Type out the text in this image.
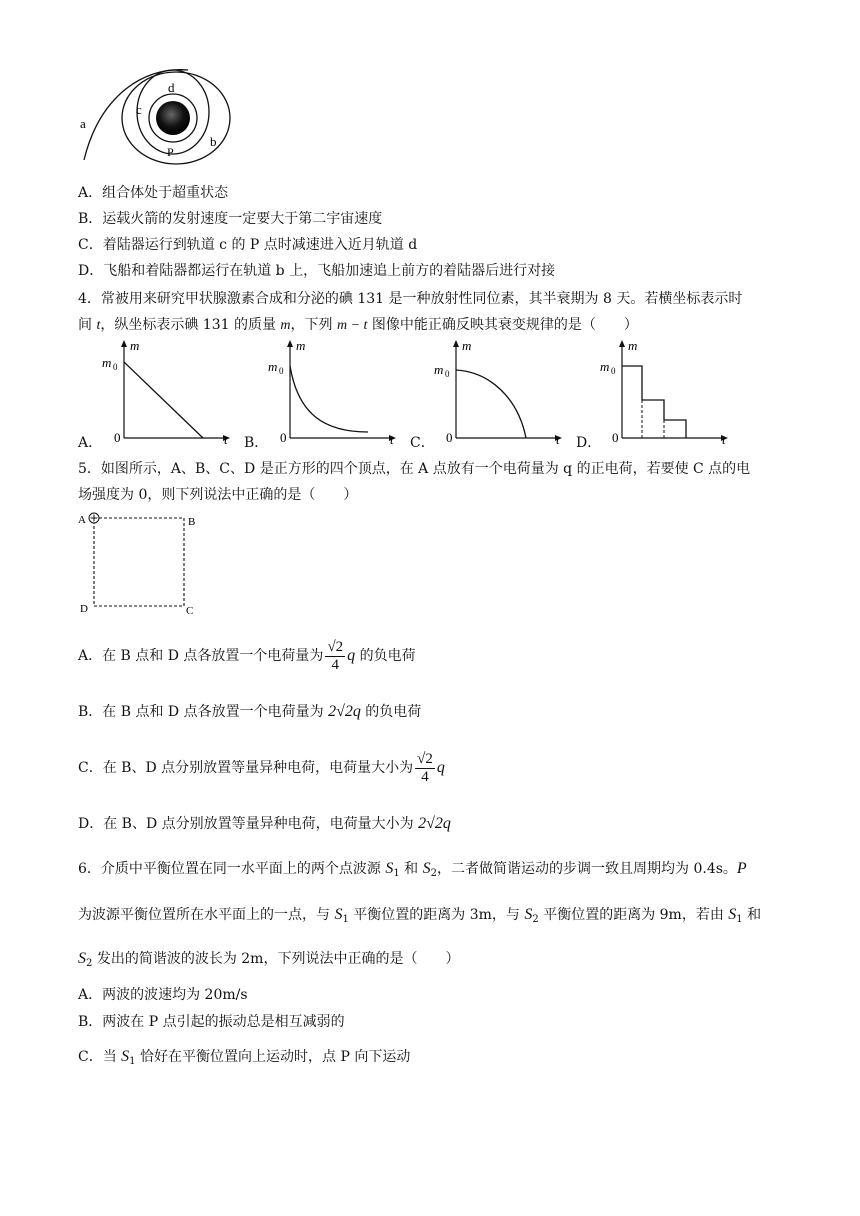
a
c
d
P
b
A．组合体处于超重状态
B．运载火箭的发射速度一定要大于第二宇宙速度
C．着陆器运行到轨道 c 的 P 点时减速进入近月轨道 d
D．飞船和着陆器都运行在轨道 b 上，飞船加速追上前方的着陆器后进行对接
4．常被用来研究甲状腺激素合成和分泌的碘 131 是一种放射性同位素，其半衰期为 8 天。若横坐标表示时
间 t，纵坐标表示碘 131 的质量 m，下列 m − t 图像中能正确反映其衰变规律的是（　　）
A．
m
m 0
0	t B．
m
m 0
0	t C．
m
m 0
0	t D．
m
m 0
0	t
5．如图所示，A、B、C、D 是正方形的四个顶点，在 A 点放有一个电荷量为 q 的正电荷，若要使 C 点的电
场强度为 0，则下列说法中正确的是（　　）
A	B
C
D
A．在 B 点和 D 点各放置一个电荷量为 $\frac{√2}{4}$ q 的负电荷
B．在 B 点和 D 点各放置一个电荷量为 2√2q 的负电荷
C．在 B、D 点分别放置等量异种电荷，电荷量大小为 $\frac{√2}{4}$ q
D．在 B、D 点分别放置等量异种电荷，电荷量大小为 2√2q
6．介质中平衡位置在同一水平面上的两个点波源 $S_1$ 和 $S_2$，二者做简谐运动的步调一致且周期均为 0.4s。P
为波源平衡位置所在水平面上的一点，与 $S_1$ 平衡位置的距离为 3m，与 $S_2$ 平衡位置的距离为 9m，若由 $S_1$ 和
$S_2$ 发出的简谐波的波长为 2m，下列说法中正确的是（　　）
A．两波的波速均为 20m/s
B．两波在 P 点引起的振动总是相互减弱的
C．当 $S_1$ 恰好在平衡位置向上运动时，点 P 向下运动
